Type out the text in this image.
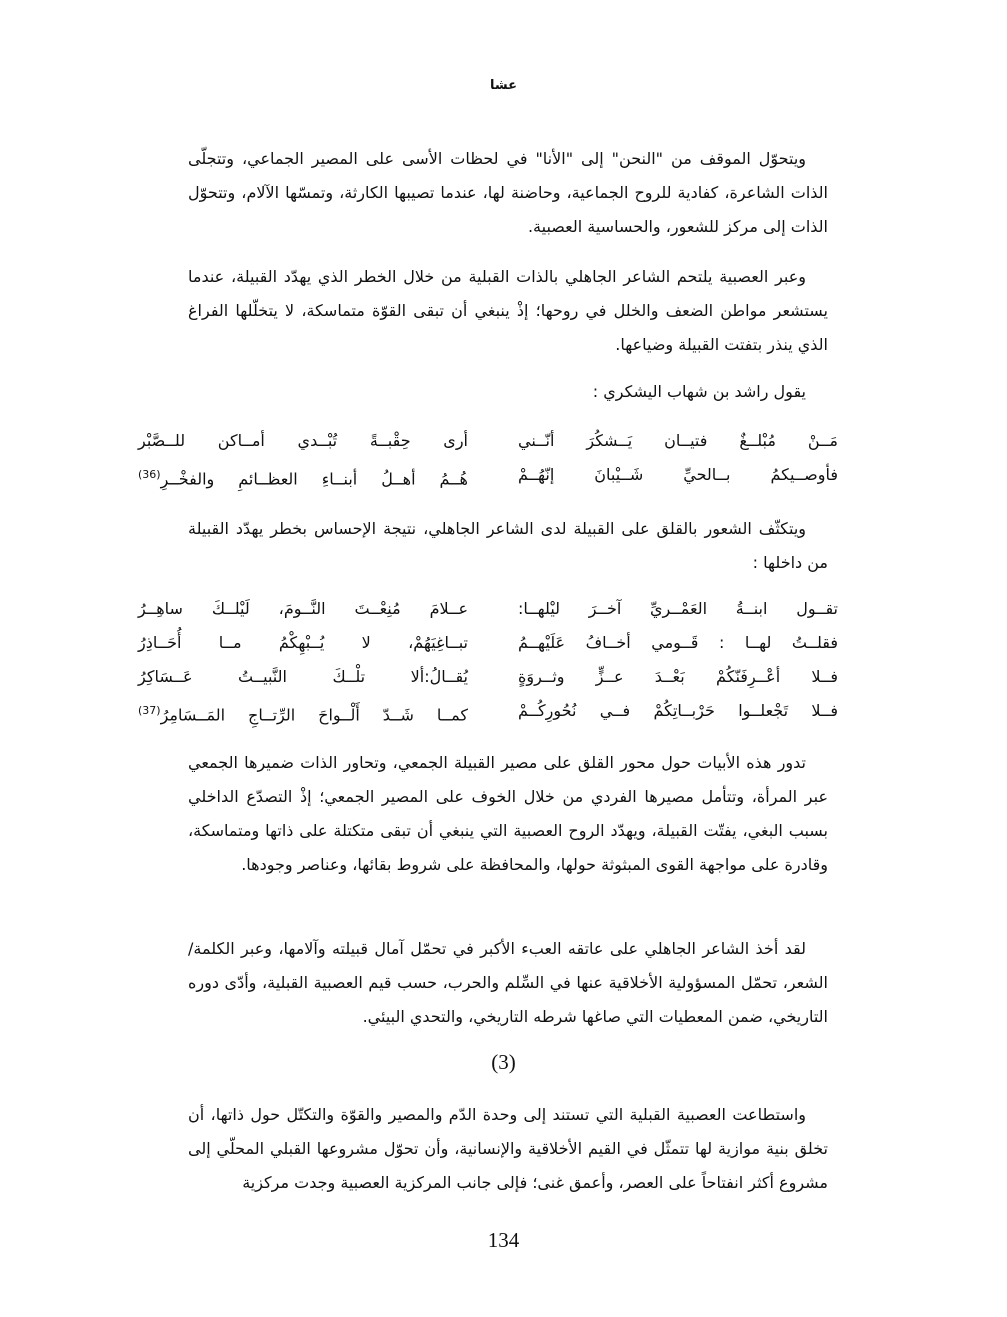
عشا

ويتحوّل الموقف من "النحن" إلى "الأنا" في لحظات الأسى على المصير الجماعي، وتتجلّى الذات الشاعرة، كفادية للروح الجماعية، وحاضنة لها، عندما تصيبها الكارثة، وتمسّها الآلام، وتتحوّل الذات إلى مركز للشعور، والحساسية العصبية.

وعبر العصبية يلتحم الشاعر الجاهلي بالذات القبلية من خلال الخطر الذي يهدّد القبيلة، عندما يستشعر مواطن الضعف والخلل في روحها؛ إذْ ينبغي أن تبقى القوّة متماسكة، لا يتخلّلها الفراغ الذي ينذر بتفتت القبيلة وضياعها.

يقول راشد بن شهاب اليشكري :
مَــنْ مُبْلــغٌ فتيــان يَــشكُرَ أنّــني
أرى حِقْبــةً تُبْــدي أمــاكن للــصَّبْر
فأوصــيكمُ بــالحيِّ شَــيْبانَ إنّهُــمْ
هُــمُ أهــلُ أبنــاءِ العظــائمِ والفخْــرِ$^{(36)}$

ويتكثّف الشعور بالقلق على القبيلة لدى الشاعر الجاهلي، نتيجة الإحساس بخطر يهدّد القبيلة من داخلها :

تقــول ابنــةُ العَمْــريِّ آخــرَ ليْلهــا:
عــلامَ مُنِعْــتَ النَّــومَ، لَيْلــكَ ساهِــرُ
فقلــتُ لهــا : قَــومي أخــافُ عَلَيْهــمُ
تبــاغِيَهُمْ، لا يُــبْهِكْمُ مــا أُحَــاذِرُ
فــلا أعْــرِفَنّكُمْ بَعْــدَ عــزٍّ وثــروَةٍ
يُقــالُ:ألا تلْــكَ النَّبيــتُ عَــسَاكِرُ
فــلا تَجْعلــوا حَرْبــاتِكُمْ فــي نُحُورِكُــمْ
كمــا شَــدّ أَلْــواحَ الرِّتــاجِ المَــسَامِرُ$^{(37)}$

تدور هذه الأبيات حول محور القلق على مصير القبيلة الجمعي، وتحاور الذات ضميرها الجمعي عبر المرأة، وتتأمل مصيرها الفردي من خلال الخوف على المصير الجمعي؛ إذْ التصدّع الداخلي بسبب البغي، يفتّت القبيلة، ويهدّد الروح العصبية التي ينبغي أن تبقى متكتلة على ذاتها ومتماسكة، وقادرة على مواجهة القوى المبثوثة حولها، والمحافظة على شروط بقائها، وعناصر وجودها.

لقد أخذ الشاعر الجاهلي على عاتقه العبء الأكبر في تحمّل آمال قبيلته وآلامها، وعبر الكلمة/الشعر، تحمّل المسؤولية الأخلاقية عنها في السِّلم والحرب، حسب قيم العصبية القبلية، وأدّى دوره التاريخي، ضمن المعطيات التي صاغها شرطه التاريخي، والتحدي البيئي.

(3)

واستطاعت العصبية القبلية التي تستند إلى وحدة الدّم والمصير والقوّة والتكتّل حول ذاتها، أن تخلق بنية موازية لها تتمثّل في القيم الأخلاقية والإنسانية، وأن تحوّل مشروعها القبلي المحلّي إلى مشروع أكثر انفتاحاً على العصر، وأعمق غنى؛ فإلى جانب المركزية العصبية وجدت مركزية

134
